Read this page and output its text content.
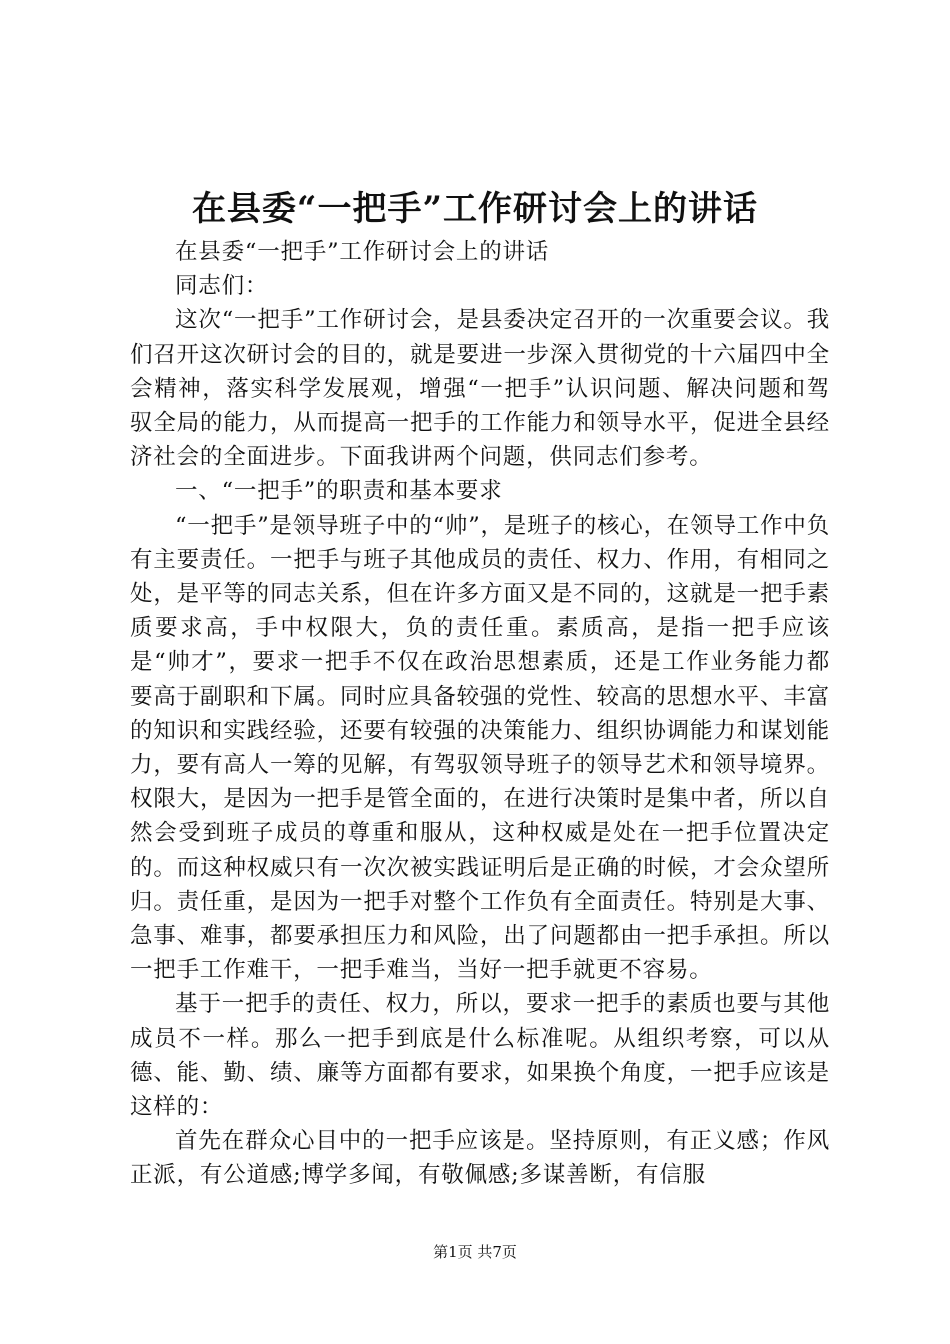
在县委“一把手”工作研讨会上的讲话

在县委“一把手”工作研讨会上的讲话

同志们：

这次“一把手”工作研讨会，是县委决定召开的一次重要会议。我们召开这次研讨会的目的，就是要进一步深入贯彻党的十六届四中全会精神，落实科学发展观，增强“一把手”认识问题、解决问题和驾驭全局的能力，从而提高一把手的工作能力和领导水平，促进全县经济社会的全面进步。下面我讲两个问题，供同志们参考。

一、“一把手”的职责和基本要求

“一把手”是领导班子中的“帅”，是班子的核心，在领导工作中负有主要责任。一把手与班子其他成员的责任、权力、作用，有相同之处，是平等的同志关系，但在许多方面又是不同的，这就是一把手素质要求高，手中权限大，负的责任重。素质高，是指一把手应该是“帅才”，要求一把手不仅在政治思想素质，还是工作业务能力都要高于副职和下属。同时应具备较强的党性、较高的思想水平、丰富的知识和实践经验，还要有较强的决策能力、组织协调能力和谋划能力，要有高人一筹的见解，有驾驭领导班子的领导艺术和领导境界。权限大，是因为一把手是管全面的，在进行决策时是集中者，所以自然会受到班子成员的尊重和服从，这种权威是处在一把手位置决定的。而这种权威只有一次次被实践证明后是正确的时候，才会众望所归。责任重，是因为一把手对整个工作负有全面责任。特别是大事、急事、难事，都要承担压力和风险，出了问题都由一把手承担。所以一把手工作难干，一把手难当，当好一把手就更不容易。

基于一把手的责任、权力，所以，要求一把手的素质也要与其他成员不一样。那么一把手到底是什么标准呢。从组织考察，可以从德、能、勤、绩、廉等方面都有要求，如果换个角度，一把手应该是这样的：

首先在群众心目中的一把手应该是。坚持原则，有正义感；作风正派，有公道感;博学多闻，有敬佩感;多谋善断，有信服

第1页 共7页
